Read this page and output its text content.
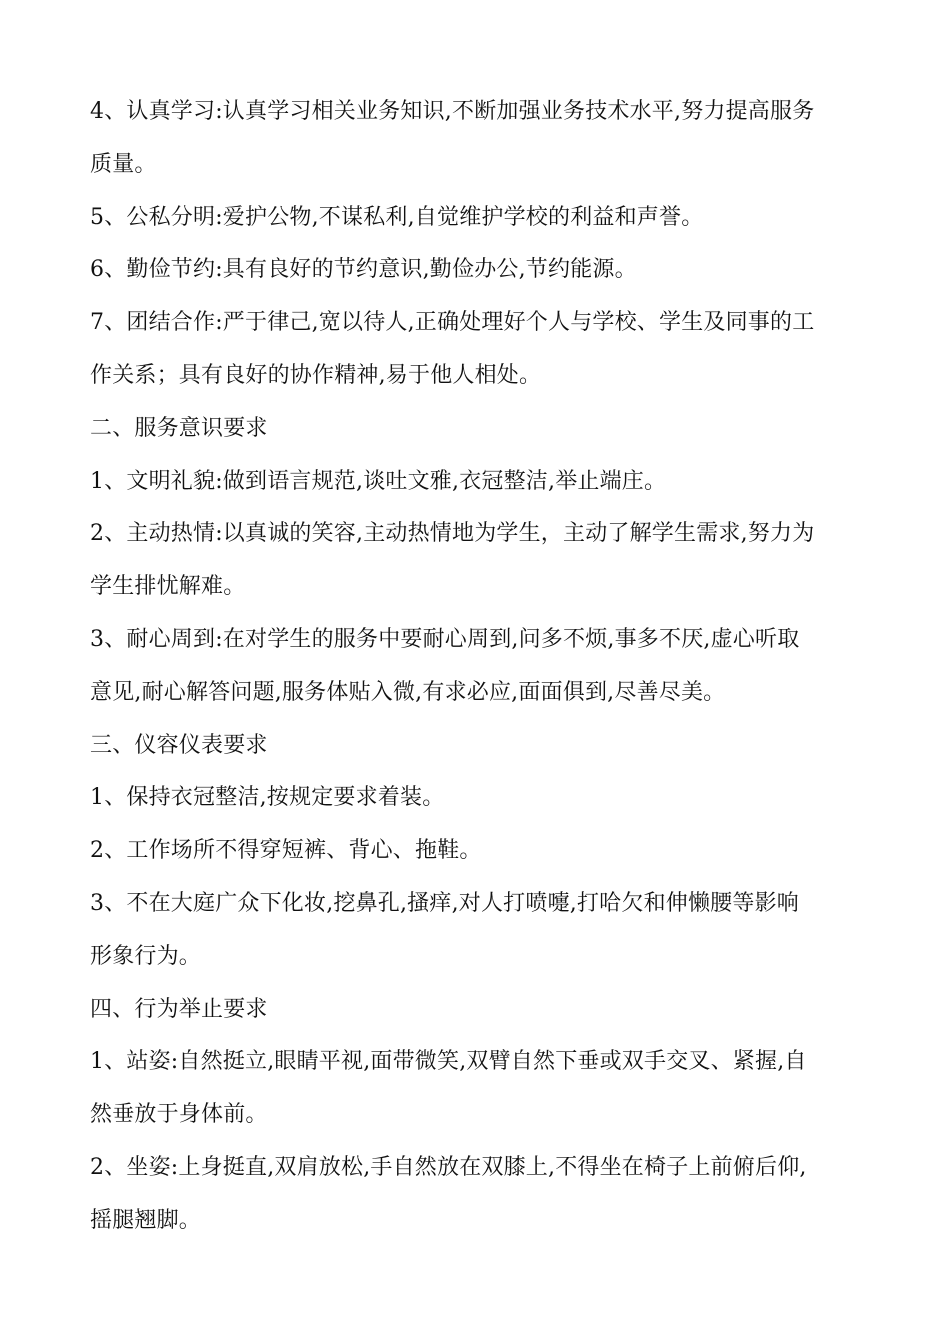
4、认真学习:认真学习相关业务知识,不断加强业务技术水平,努力提高服务
质量。
5、公私分明:爱护公物,不谋私利,自觉维护学校的利益和声誉。
6、勤俭节约:具有良好的节约意识,勤俭办公,节约能源。
7、团结合作:严于律己,宽以待人,正确处理好个人与学校、学生及同事的工
作关系；具有良好的协作精神,易于他人相处。
二、服务意识要求
1、文明礼貌:做到语言规范,谈吐文雅,衣冠整洁,举止端庄。
2、主动热情:以真诚的笑容,主动热情地为学生，主动了解学生需求,努力为
学生排忧解难。
3、耐心周到:在对学生的服务中要耐心周到,问多不烦,事多不厌,虚心听取
意见,耐心解答问题,服务体贴入微,有求必应,面面俱到,尽善尽美。
三、仪容仪表要求
1、保持衣冠整洁,按规定要求着装。
2、工作场所不得穿短裤、背心、拖鞋。
3、不在大庭广众下化妆,挖鼻孔,搔痒,对人打喷嚏,打哈欠和伸懒腰等影响
形象行为。
四、行为举止要求
1、站姿:自然挺立,眼睛平视,面带微笑,双臂自然下垂或双手交叉、紧握,自
然垂放于身体前。
2、坐姿:上身挺直,双肩放松,手自然放在双膝上,不得坐在椅子上前俯后仰,
摇腿翘脚。
